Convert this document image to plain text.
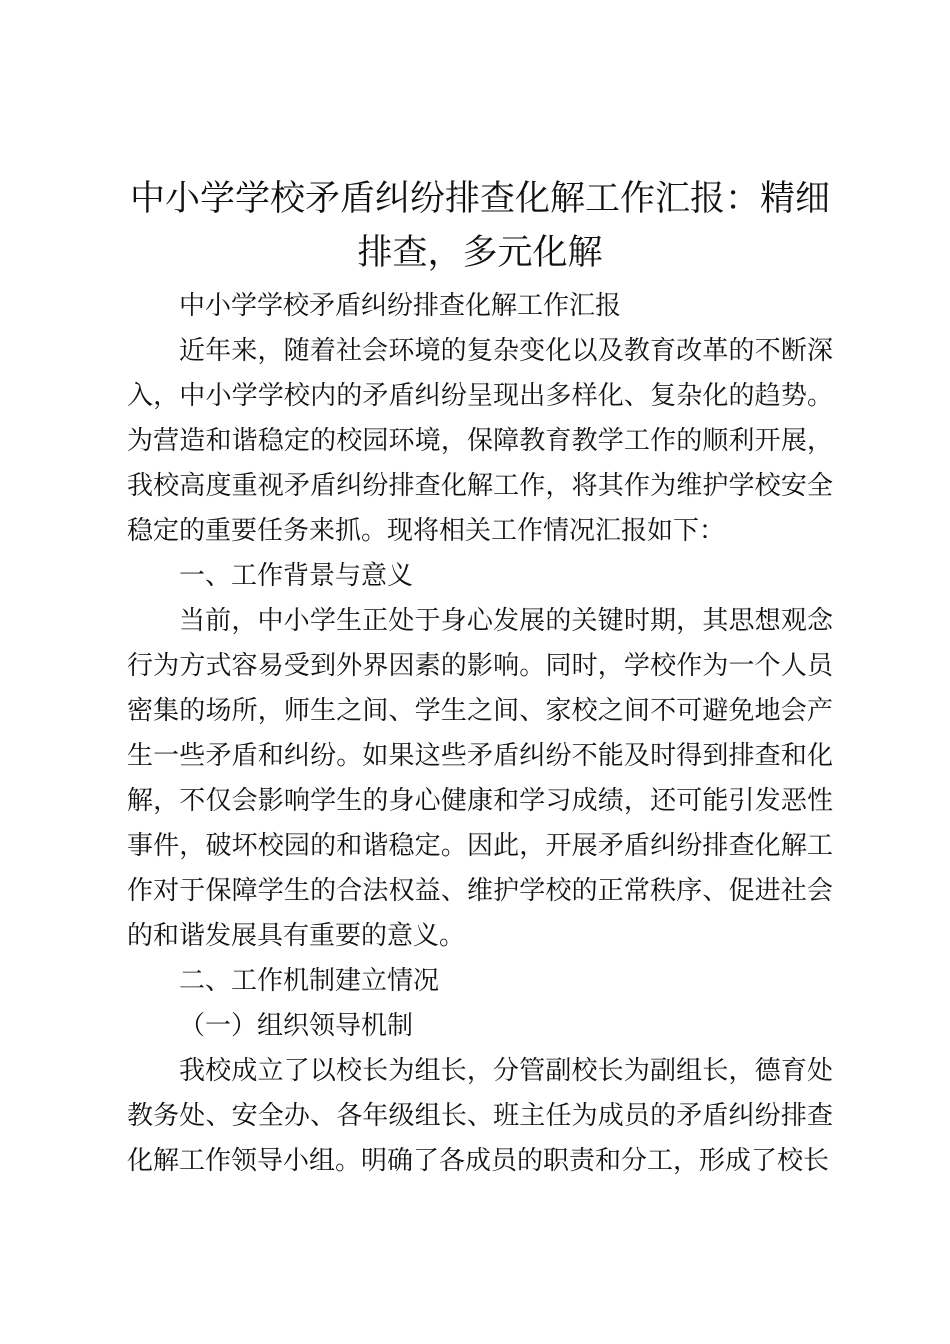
中小学学校矛盾纠纷排查化解工作汇报：精细排查，多元化解

中小学学校矛盾纠纷排查化解工作汇报

近年来，随着社会环境的复杂变化以及教育改革的不断深入，中小学学校内的矛盾纠纷呈现出多样化、复杂化的趋势。为营造和谐稳定的校园环境，保障教育教学工作的顺利开展，我校高度重视矛盾纠纷排查化解工作，将其作为维护学校安全稳定的重要任务来抓。现将相关工作情况汇报如下：

一、工作背景与意义

当前，中小学生正处于身心发展的关键时期，其思想观念行为方式容易受到外界因素的影响。同时，学校作为一个人员密集的场所，师生之间、学生之间、家校之间不可避免地会产生一些矛盾和纠纷。如果这些矛盾纠纷不能及时得到排查和化解，不仅会影响学生的身心健康和学习成绩，还可能引发恶性事件，破坏校园的和谐稳定。因此，开展矛盾纠纷排查化解工作对于保障学生的合法权益、维护学校的正常秩序、促进社会的和谐发展具有重要的意义。

二、工作机制建立情况

（一）组织领导机制

我校成立了以校长为组长，分管副校长为副组长，德育处教务处、安全办、各年级组长、班主任为成员的矛盾纠纷排查化解工作领导小组。明确了各成员的职责和分工，形成了校长
